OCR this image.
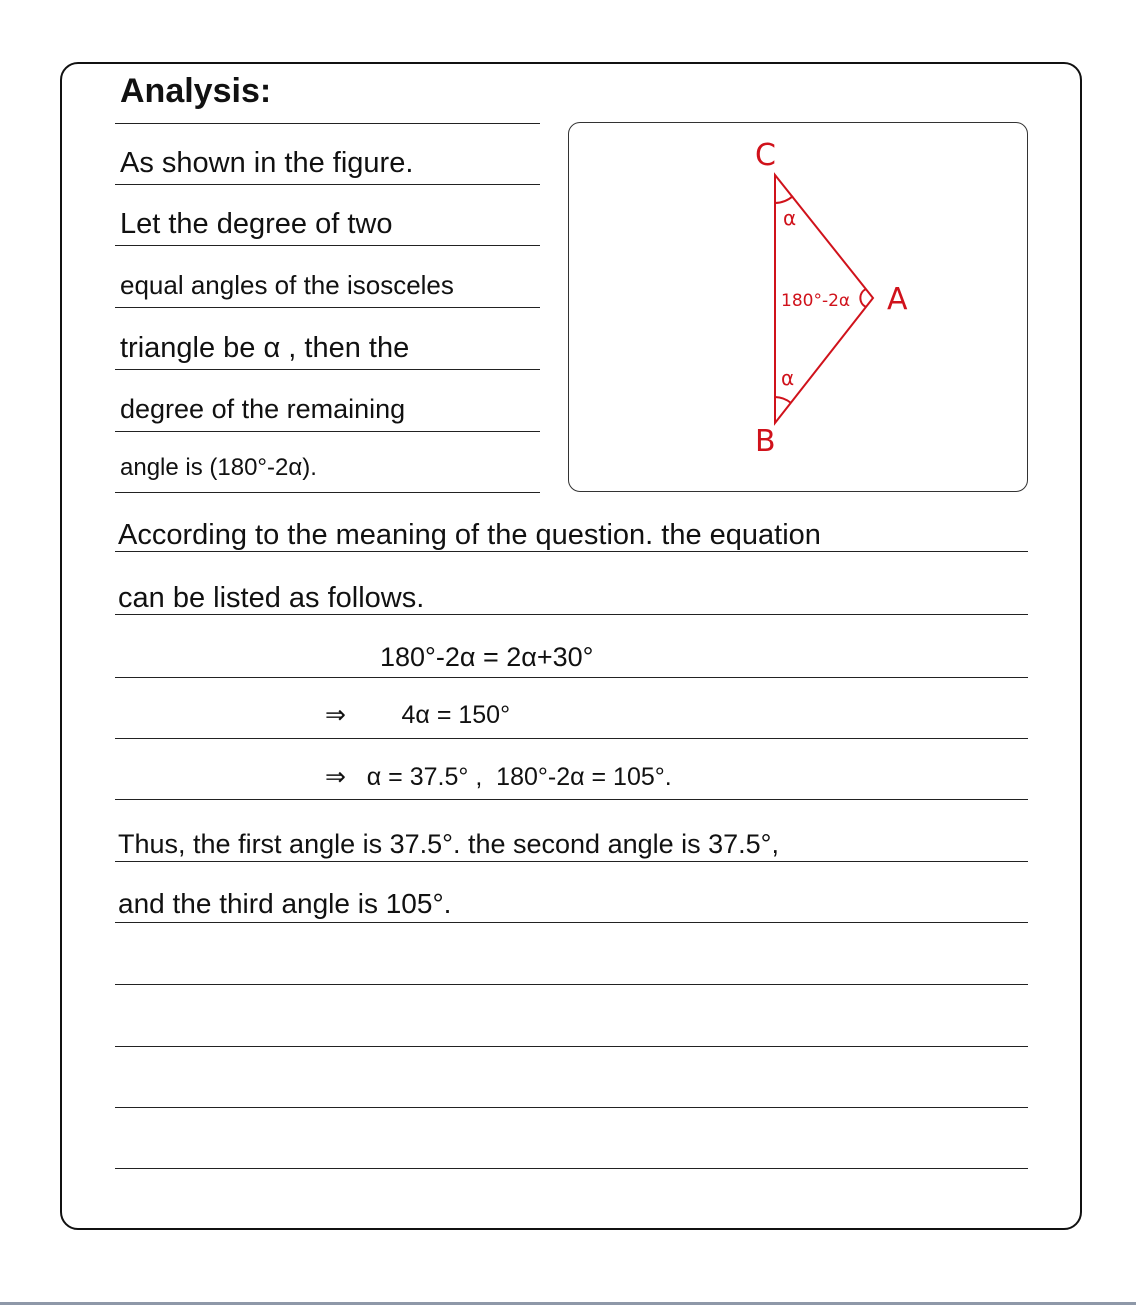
Analysis:
As shown in the figure.
Let the degree of two
equal angles of the isosceles
triangle be α , then the
degree of the remaining
angle is (180°-2α).
C
A
B
α
α
180°-2α
According to the meaning of the question. the equation
can be listed as follows.
180°-2α = 2α+30°
⇒        4α = 150°
⇒   α = 37.5° ,  180°-2α = 105°.
Thus, the first angle is 37.5°. the second angle is 37.5°,
and the third angle is 105°.
